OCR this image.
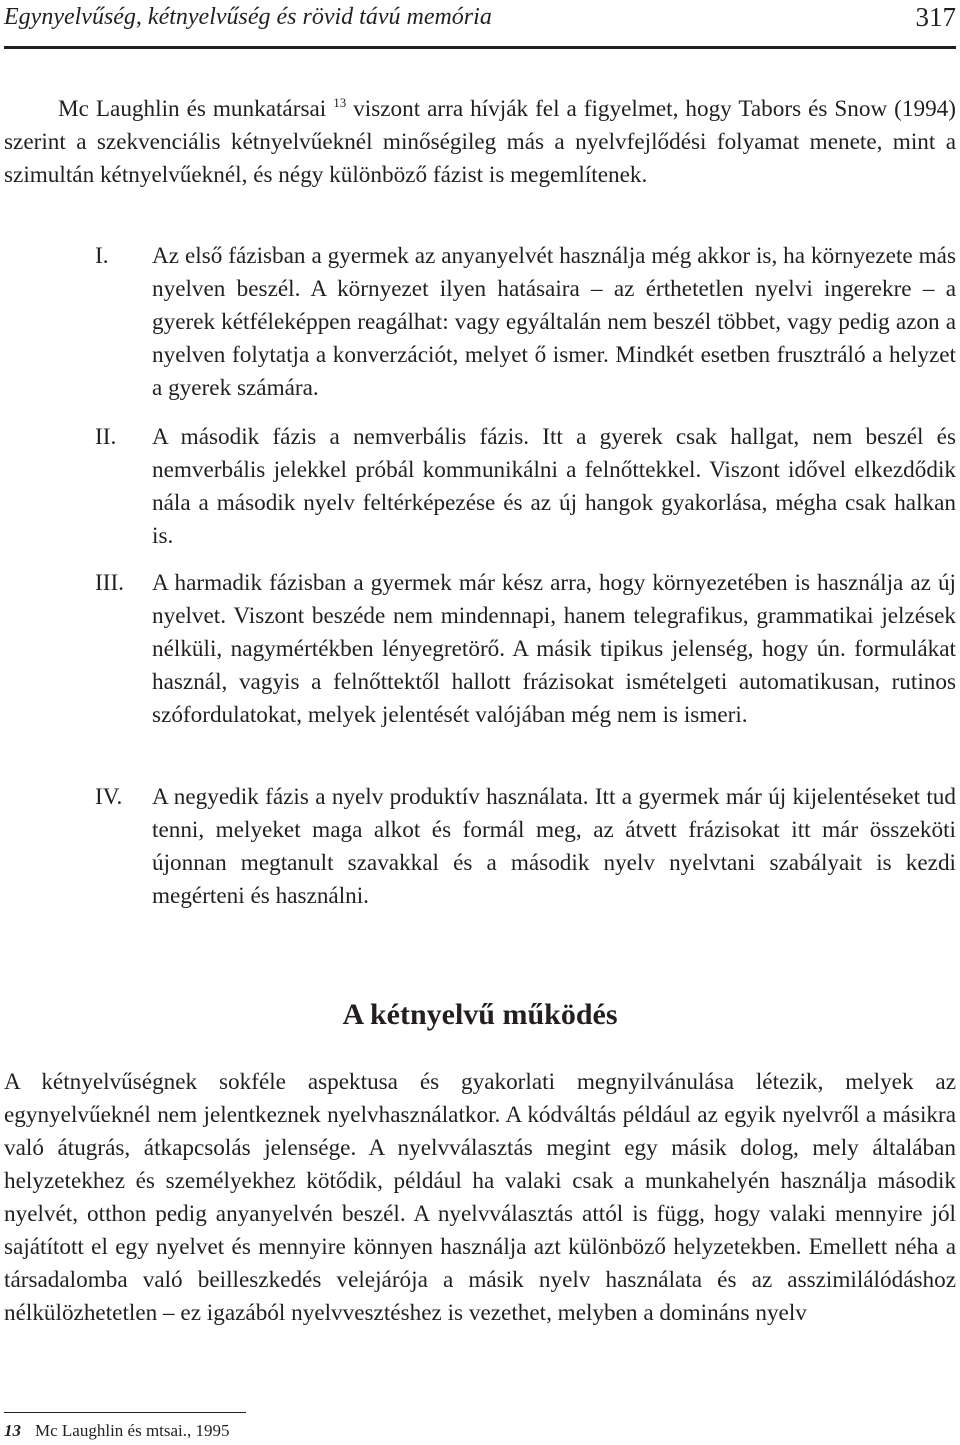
Egynyelvűség, kétnyelvűség és rövid távú memória	317

Mc Laughlin és munkatársai $^{13}$ viszont arra hívják fel a figyelmet, hogy Tabors és Snow (1994) szerint a szekvenciális kétnyelvűeknél minőségileg más a nyelvfejlődési folyamat menete, mint a szimultán kétnyelvűeknél, és négy különböző fázist is megemlítenek.

I. Az első fázisban a gyermek az anyanyelvét használja még akkor is, ha környezete más nyelven beszél. A környezet ilyen hatásaira – az érthetetlen nyelvi ingerekre – a gyerek kétféleképpen reagálhat: vagy egyáltalán nem beszél többet, vagy pedig azon a nyelven folytatja a konverzációt, melyet ő ismer. Mindkét esetben frusztráló a helyzet a gyerek számára.

II. A második fázis a nemverbális fázis. Itt a gyerek csak hallgat, nem beszél és nemverbális jelekkel próbál kommunikálni a felnőttekkel. Viszont idővel elkezdődik nála a második nyelv feltérképezése és az új hangok gyakorlása, mégha csak halkan is.

III. A harmadik fázisban a gyermek már kész arra, hogy környezetében is használja az új nyelvet. Viszont beszéde nem mindennapi, hanem telegrafikus, grammatikai jelzések nélküli, nagymértékben lényegretörő. A másik tipikus jelenség, hogy ún. formulákat használ, vagyis a felnőttektől hallott frázisokat ismételgeti automatikusan, rutinos szófordulatokat, melyek jelentését valójában még nem is ismeri.

IV. A negyedik fázis a nyelv produktív használata. Itt a gyermek már új kijelentéseket tud tenni, melyeket maga alkot és formál meg, az átvett frázisokat itt már összeköti újonnan megtanult szavakkal és a második nyelv nyelvtani szabályait is kezdi megérteni és használni.

A kétnyelvű működés

A kétnyelvűségnek sokféle aspektusa és gyakorlati megnyilvánulása létezik, melyek az egynyelvűeknél nem jelentkeznek nyelvhasználatkor. A kódváltás például az egyik nyelvről a másikra való átugrás, átkapcsolás jelensége. A nyelvválasztás megint egy másik dolog, mely általában helyzetekhez és személyekhez kötődik, például ha valaki csak a munkahelyén használja második nyelvét, otthon pedig anyanyelvén beszél. A nyelvválasztás attól is függ, hogy valaki mennyire jól sajátított el egy nyelvet és mennyire könnyen használja azt különböző helyzetekben. Emellett néha a társadalomba való beilleszkedés velejárója a másik nyelv használata és az asszimilálódáshoz nélkülözhetetlen – ez igazából nyelvvesztéshez is vezethet, melyben a domináns nyelv

13 Mc Laughlin és mtsai., 1995
